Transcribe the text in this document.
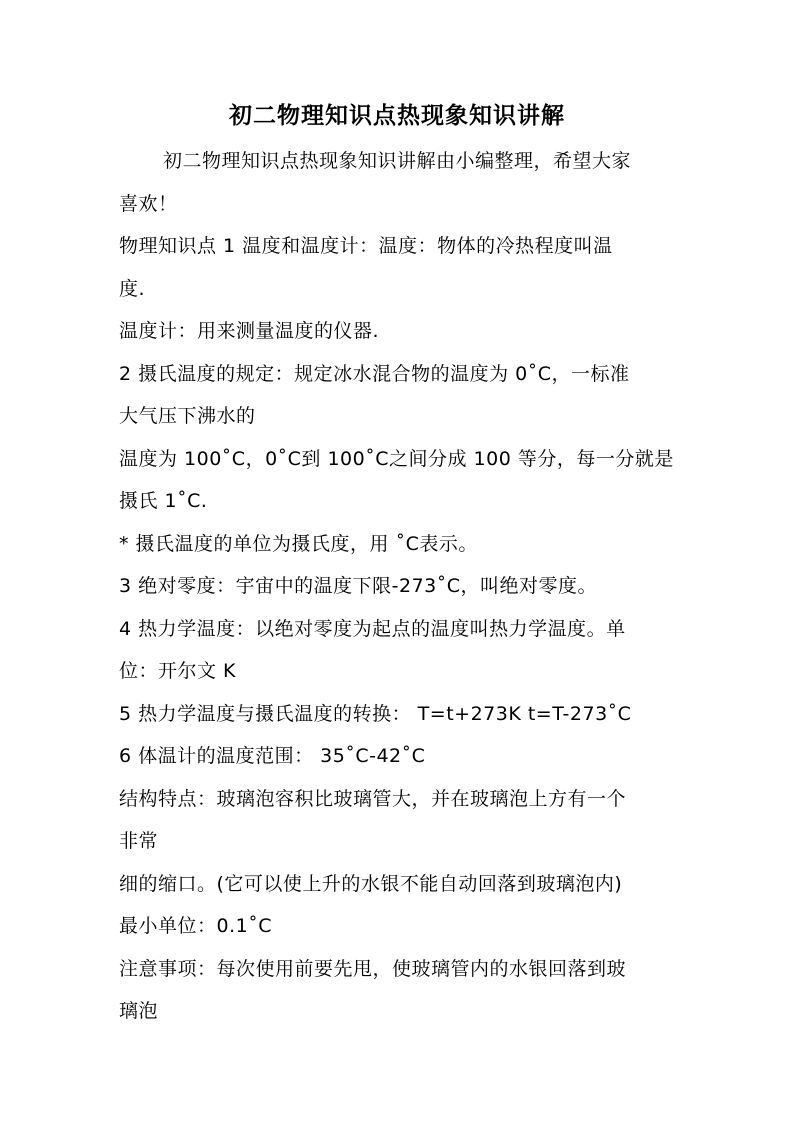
初二物理知识点热现象知识讲解
初二物理知识点热现象知识讲解由小编整理，希望大家
喜欢！
物理知识点 1 温度和温度计：温度：物体的冷热程度叫温
度.
温度计：用来测量温度的仪器.
2 摄氏温度的规定：规定冰水混合物的温度为 0˚C，一标准
大气压下沸水的
温度为 100˚C，0˚C到 100˚C之间分成 100 等分，每一分就是
摄氏 1˚C.
* 摄氏温度的单位为摄氏度，用 ˚C表示。
3 绝对零度：宇宙中的温度下限-273˚C，叫绝对零度。
4 热力学温度：以绝对零度为起点的温度叫热力学温度。单
位：开尔文 K
5 热力学温度与摄氏温度的转换： T=t+273K t=T-273˚C
6 体温计的温度范围： 35˚C-42˚C
结构特点：玻璃泡容积比玻璃管大，并在玻璃泡上方有一个
非常
细的缩口。(它可以使上升的水银不能自动回落到玻璃泡内)
最小单位：0.1˚C
注意事项：每次使用前要先甩，使玻璃管内的水银回落到玻
璃泡
